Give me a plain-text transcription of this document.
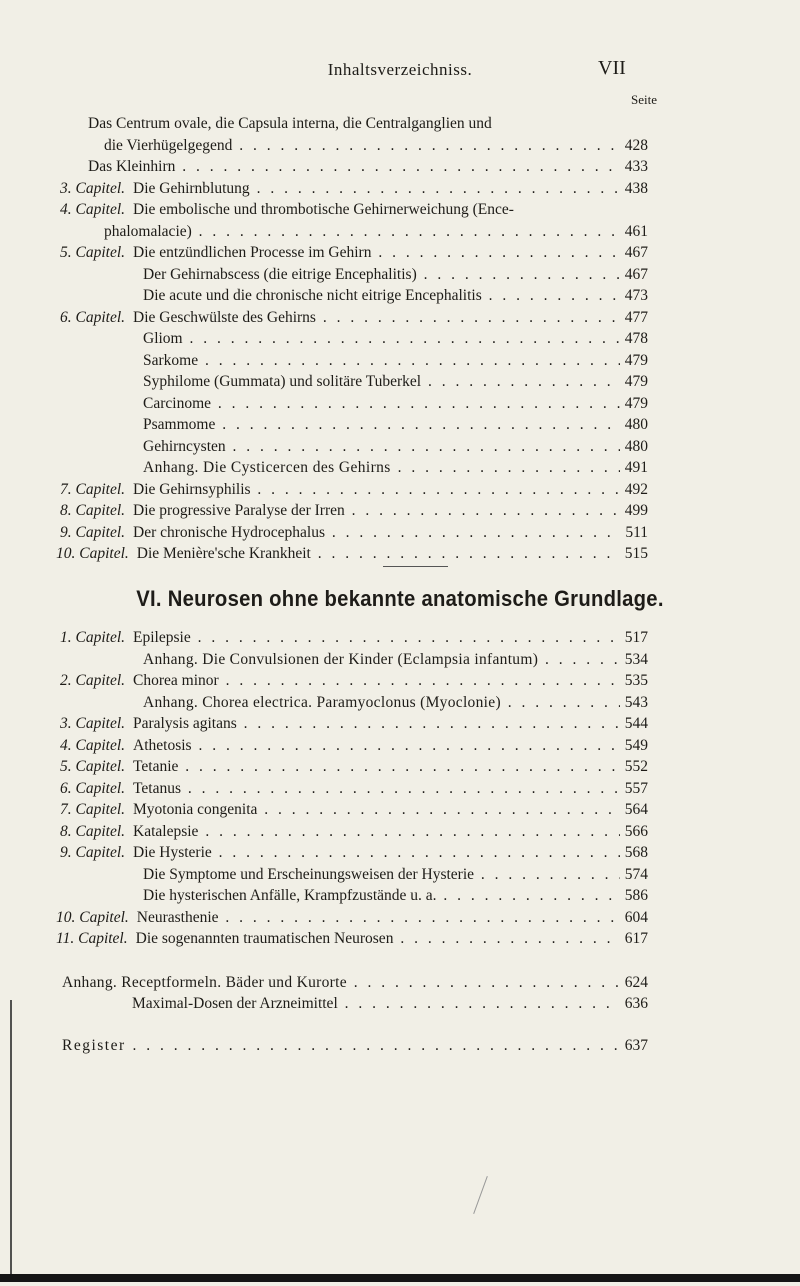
Inhaltsverzeichniss.	VII
Seite
Das Centrum ovale, die Capsula interna, die Centralganglien und
die Vierhügelgegend . . .	428
Das Kleinhirn . . .	433
3. Capitel. Die Gehirnblutung . . .	438
4. Capitel. Die embolische und thrombotische Gehirnerweichung (Ence-
phalomalacie) . . .	461
5. Capitel. Die entzündlichen Processe im Gehirn . . .	467
Der Gehirnabscess (die eitrige Encephalitis) . . .	467
Die acute und die chronische nicht eitrige Encephalitis . . .	473
6. Capitel. Die Geschwülste des Gehirns . . .	477
Gliom . . .	478
Sarkome . . .	479
Syphilome (Gummata) und solitäre Tuberkel . . .	479
Carcinome . . .	479
Psammome . . .	480
Gehirncysten . . .	480
Anhang. Die Cysticercen des Gehirns . . .	491
7. Capitel. Die Gehirnsyphilis . . .	492
8. Capitel. Die progressive Paralyse der Irren . . .	499
9. Capitel. Der chronische Hydrocephalus . . .	511
10. Capitel. Die Menière'sche Krankheit . . .	515
VI. Neurosen ohne bekannte anatomische Grundlage.
1. Capitel. Epilepsie . . .	517
Anhang. Die Convulsionen der Kinder (Eclampsia infantum) . . .	534
2. Capitel. Chorea minor . . .	535
Anhang. Chorea electrica. Paramyoclonus (Myoclonie) . . .	543
3. Capitel. Paralysis agitans . . .	544
4. Capitel. Athetosis . . .	549
5. Capitel. Tetanie . . .	552
6. Capitel. Tetanus . . .	557
7. Capitel. Myotonia congenita . . .	564
8. Capitel. Katalepsie . . .	566
9. Capitel. Die Hysterie . . .	568
Die Symptome und Erscheinungsweisen der Hysterie . . .	574
Die hysterischen Anfälle, Krampfzustände u. a. . . .	586
10. Capitel. Neurasthenie . . .	604
11. Capitel. Die sogenannten traumatischen Neurosen . . .	617
Anhang. Receptformeln. Bäder und Kurorte . . .	624
Maximal-Dosen der Arzneimittel . . .	636
Register . . .	637
